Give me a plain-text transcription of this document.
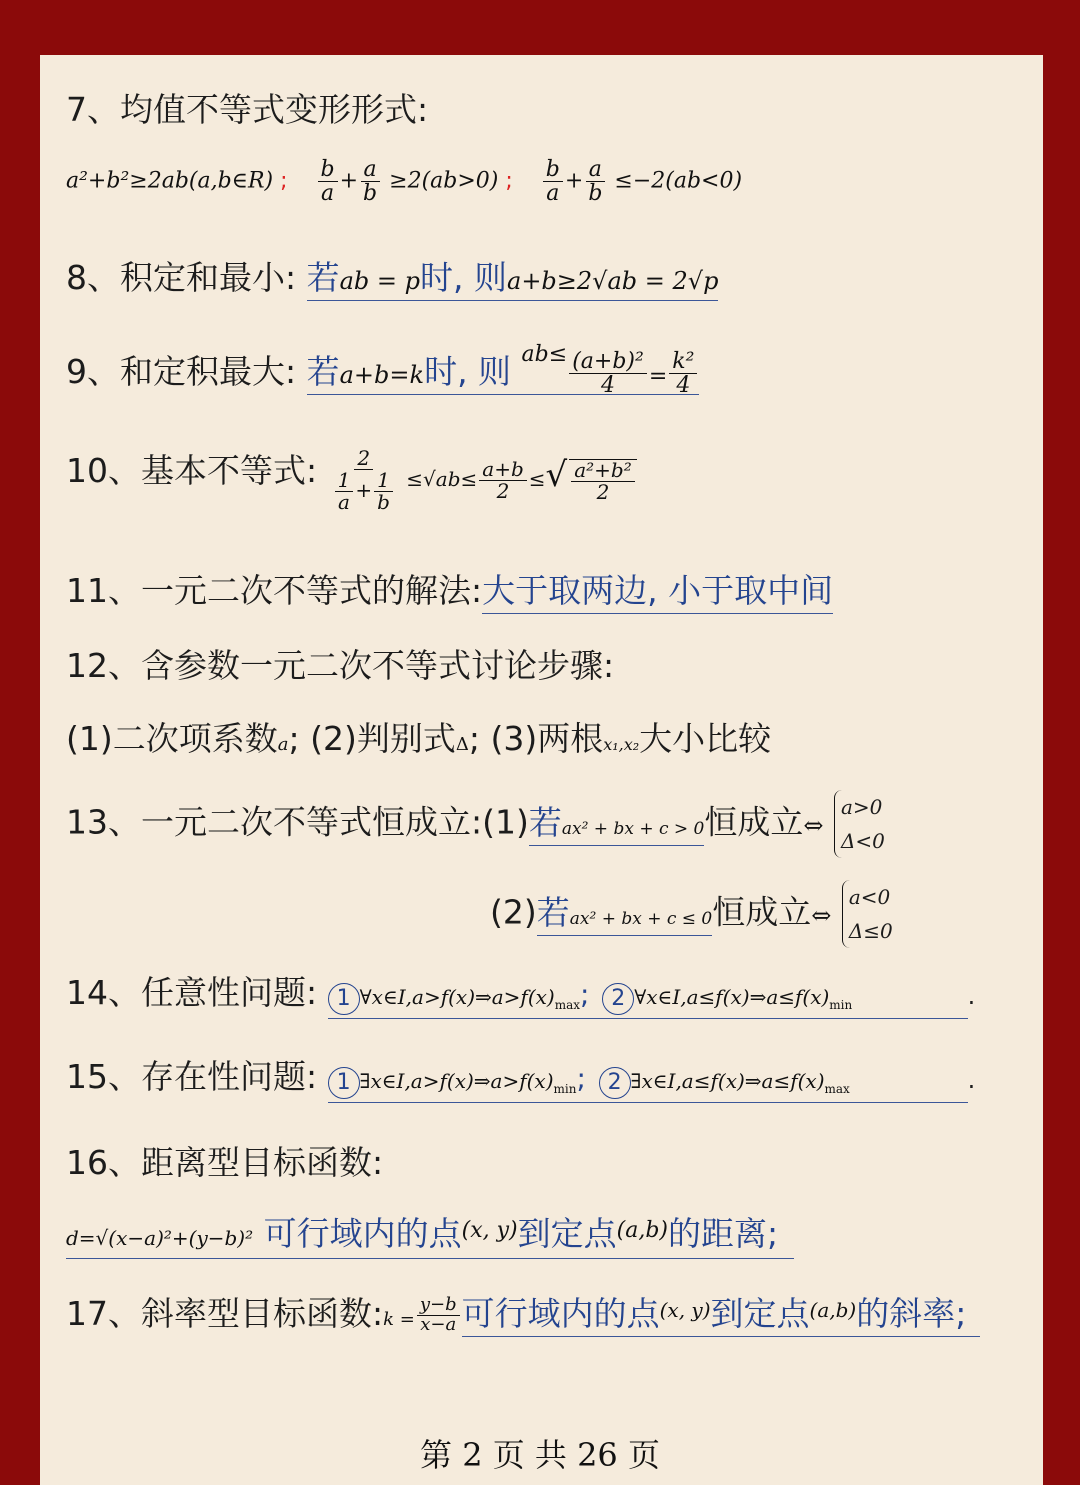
7、均值不等式变形形式:
a²+b²≥2ab(a,b∈R) ; $\frac{b}{a} + \frac{a}{b} \ge 2(ab>0)$ ; $\frac{b}{a} + \frac{a}{b} \le-2(ab<0)$
8、积定和最小: 若ab = p时, 则a+b≥2√ab = 2√p
9、和定积最大: 若a+b=k时, 则 $^{ab\le} \frac{\text{(a+b)²}}{4} = \frac{\text{k²}}{4}$
10、基本不等式: $\frac{2}{\frac{1}{a} + \frac{1}{b}} \le√ab\le \frac{a+b}{2}$ ≤√ $\frac{\text{a²+b²}}{2}$
11、一元二次不等式的解法:大于取两边, 小于取中间
12、含参数一元二次不等式讨论步骤:
(1)二次项系数a; (2)判别式Δ; (3)两根x₁,x₂大小比较
13、一元二次不等式恒成立:(1)若ax² + bx + c > 0恒成立⇔ a>0
Δ<0
(2)若ax² + bx + c ≤ 0恒成立⇔ a<0
Δ≤0
14、任意性问题: 1 $\forall x\in I,a>f(x)\Rightarrow a>f(x)_{max}$; 2 $\forall x\in I,a\le f(x)\Rightarrow a\le f(x)_{min}$	.
15、存在性问题: 1 $\exists x\in I,a>f(x)\Rightarrow a>f(x)_{min}$; 2 $\exists x\in I,a\le f(x)\Rightarrow a\le f(x)_{max}$	.
16、距离型目标函数:
d=√(x−a)²+(y−b)² 可行域内的点$^{(x, y)}$到定点$^{(a,b)}$的距离;
17、斜率型目标函数:k = $\frac{y-b}{x-a}$ 可行域内的点$^{(x, y)}$到定点$^{(a,b)}$的斜率;
第 2 页 共 26 页
